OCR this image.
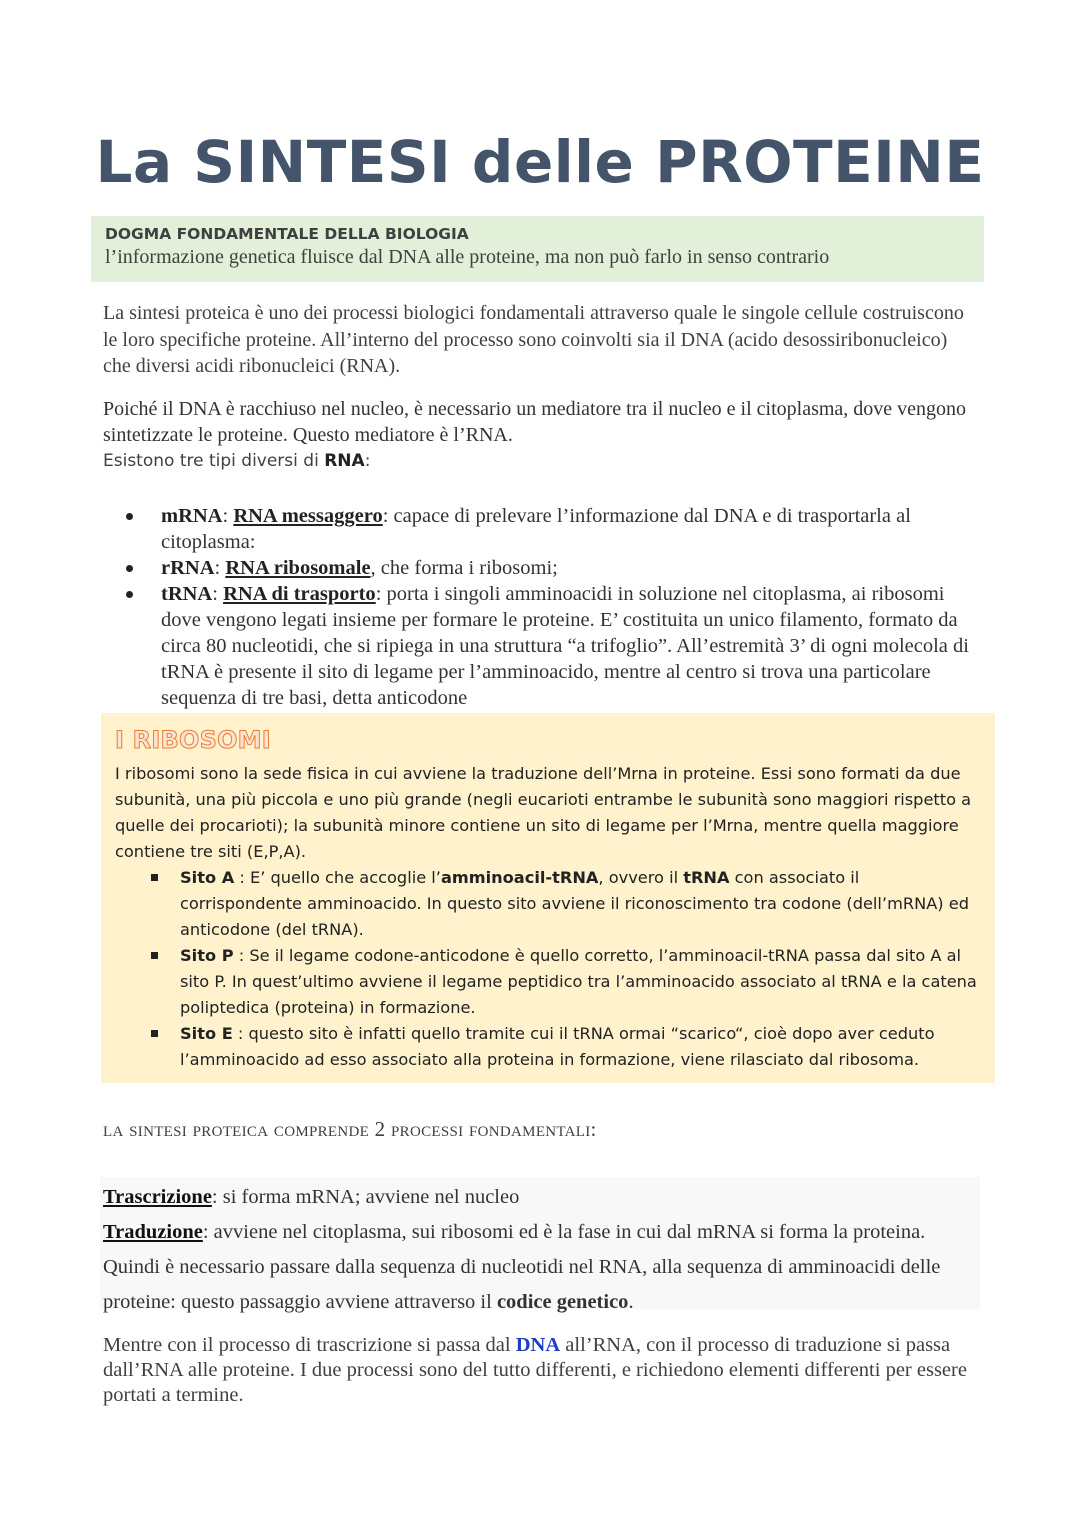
La SINTESI delle PROTEINE
DOGMA FONDAMENTALE DELLA BIOLOGIA
l’informazione genetica fluisce dal DNA alle proteine, ma non può farlo in senso contrario

La sintesi proteica è uno dei processi biologici fondamentali attraverso quale le singole cellule costruiscono le loro specifiche proteine. All’interno del processo sono coinvolti sia il DNA (acido desossiribonucleico) che diversi acidi ribonucleici (RNA).

Poiché il DNA è racchiuso nel nucleo, è necessario un mediatore tra il nucleo e il citoplasma, dove vengono sintetizzate le proteine. Questo mediatore è l’RNA.

Esistono tre tipi diversi di RNA:

mRNA: RNA messaggero: capace di prelevare l’informazione dal DNA e di trasportarla al citoplasma:
rRNA: RNA ribosomale, che forma i ribosomi;
tRNA: RNA di trasporto: porta i singoli amminoacidi in soluzione nel citoplasma, ai ribosomi dove vengono legati insieme per formare le proteine. E’ costituita un unico filamento, formato da circa 80 nucleotidi, che si ripiega in una struttura “a trifoglio”. All’estremità 3’ di ogni molecola di tRNA è presente il sito di legame per l’amminoacido, mentre al centro si trova una particolare sequenza di tre basi, detta anticodone
I RIBOSOMI

I ribosomi sono la sede fisica in cui avviene la traduzione dell’Mrna in proteine. Essi sono formati da due subunità, una più piccola e uno più grande (negli eucarioti entrambe le subunità sono maggiori rispetto a quelle dei procarioti); la subunità minore contiene un sito di legame per l’Mrna, mentre quella maggiore contiene tre siti (E,P,A).

Sito A : E’ quello che accoglie l’amminoacil-tRNA, ovvero il tRNA con associato il corrispondente amminoacido. In questo sito avviene il riconoscimento tra codone (dell’mRNA) ed anticodone (del tRNA).
Sito P : Se il legame codone-anticodone è quello corretto, l’amminoacil-tRNA passa dal sito A al sito P. In quest’ultimo avviene il legame peptidico tra l’amminoacido associato al tRNA e la catena poliptedica (proteina) in formazione.
Sito E : questo sito è infatti quello tramite cui il tRNA ormai “scarico“, cioè dopo aver ceduto l’amminoacido ad esso associato alla proteina in formazione, viene rilasciato dal ribosoma.

la sintesi proteica comprende 2 processi fondamentali:

Trascrizione: si forma mRNA; avviene nel nucleo
Traduzione: avviene nel citoplasma, sui ribosomi ed è la fase in cui dal mRNA si forma la proteina. Quindi è necessario passare dalla sequenza di nucleotidi nel RNA, alla sequenza di amminoacidi delle proteine: questo passaggio avviene attraverso il codice genetico.

Mentre con il processo di trascrizione si passa dal DNA all’RNA, con il processo di traduzione si passa dall’RNA alle proteine. I due processi sono del tutto differenti, e richiedono elementi differenti per essere portati a termine.
